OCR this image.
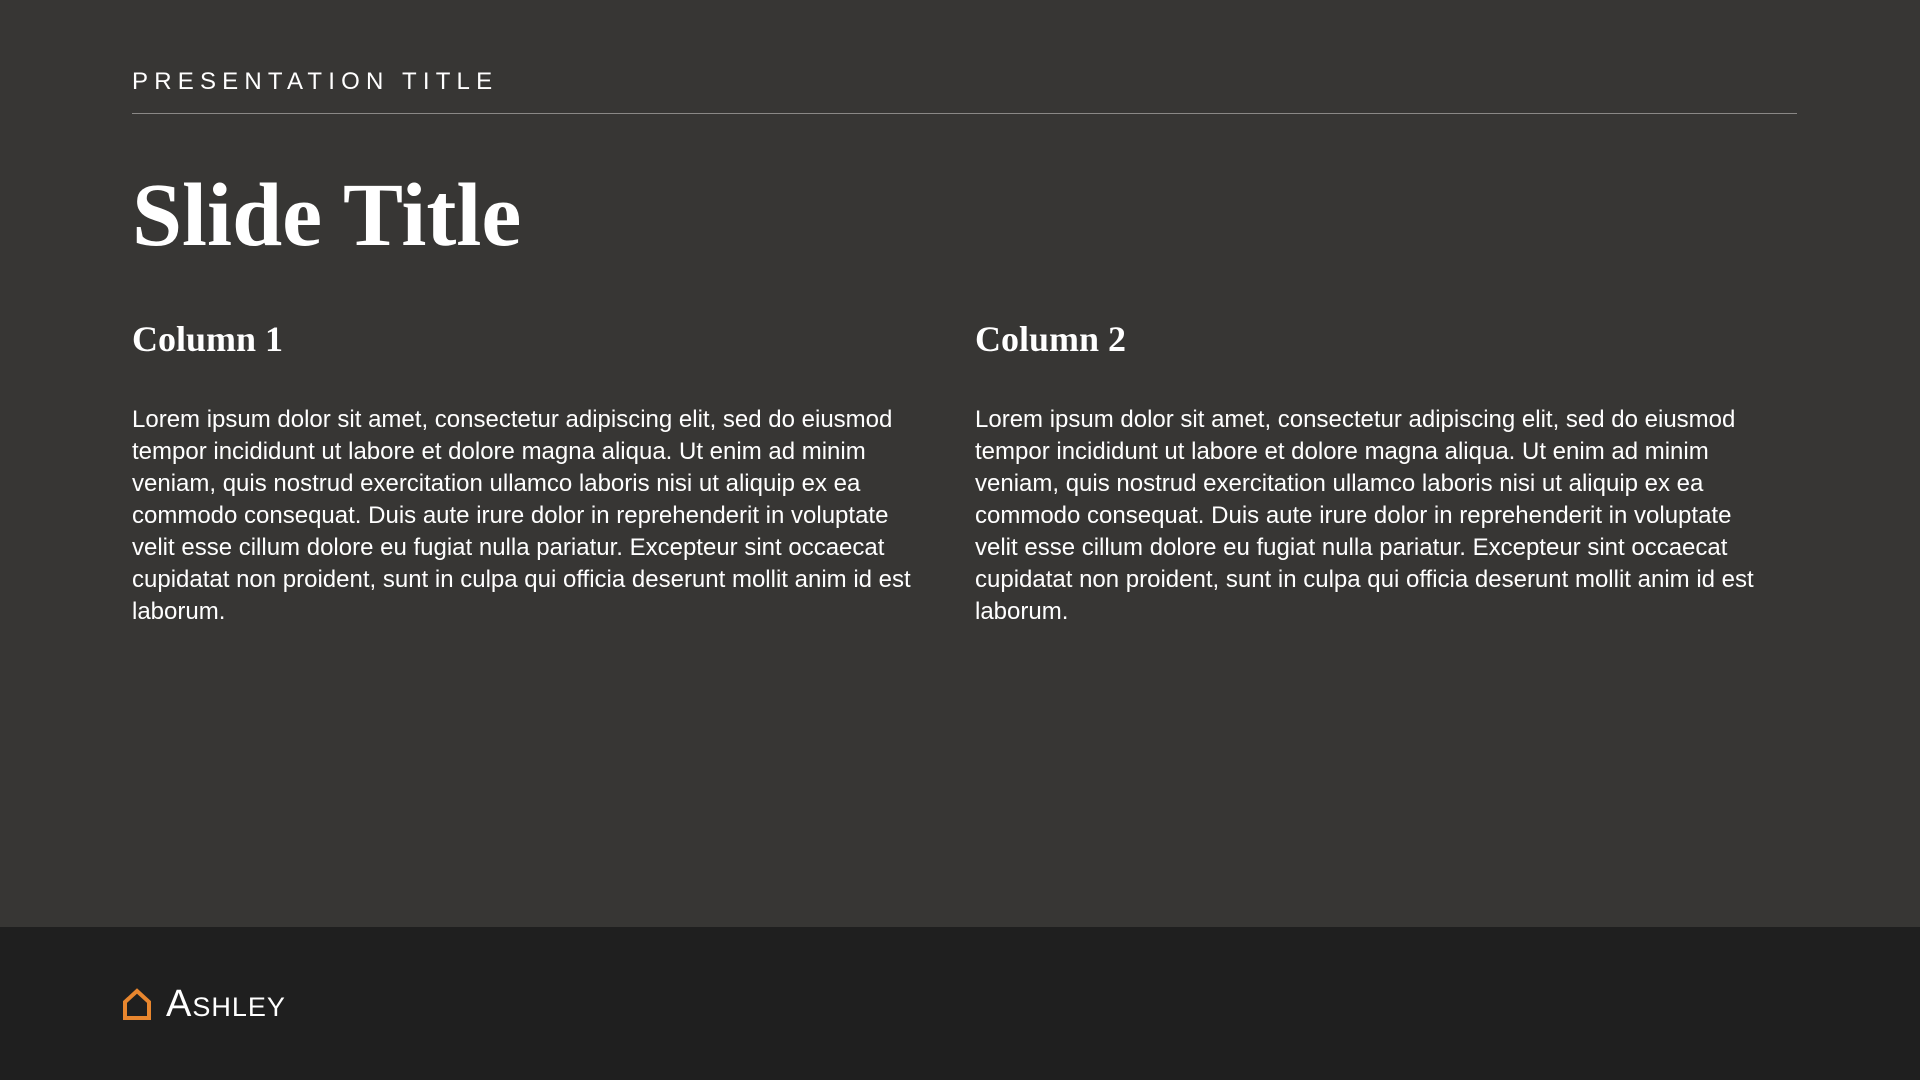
PRESENTATION TITLE
Slide Title
Column 1

Lorem ipsum dolor sit amet, consectetur adipiscing elit, sed do eiusmod tempor incididunt ut labore et dolore magna aliqua. Ut enim ad minim veniam, quis nostrud exercitation ullamco laboris nisi ut aliquip ex ea commodo consequat. Duis aute irure dolor in reprehenderit in voluptate velit esse cillum dolore eu fugiat nulla pariatur. Excepteur sint occaecat cupidatat non proident, sunt in culpa qui officia deserunt mollit anim id est laborum.

Column 2

Lorem ipsum dolor sit amet, consectetur adipiscing elit, sed do eiusmod tempor incididunt ut labore et dolore magna aliqua. Ut enim ad minim veniam, quis nostrud exercitation ullamco laboris nisi ut aliquip ex ea commodo consequat. Duis aute irure dolor in reprehenderit in voluptate velit esse cillum dolore eu fugiat nulla pariatur. Excepteur sint occaecat cupidatat non proident, sunt in culpa qui officia deserunt mollit anim id est laborum.

Ashley
